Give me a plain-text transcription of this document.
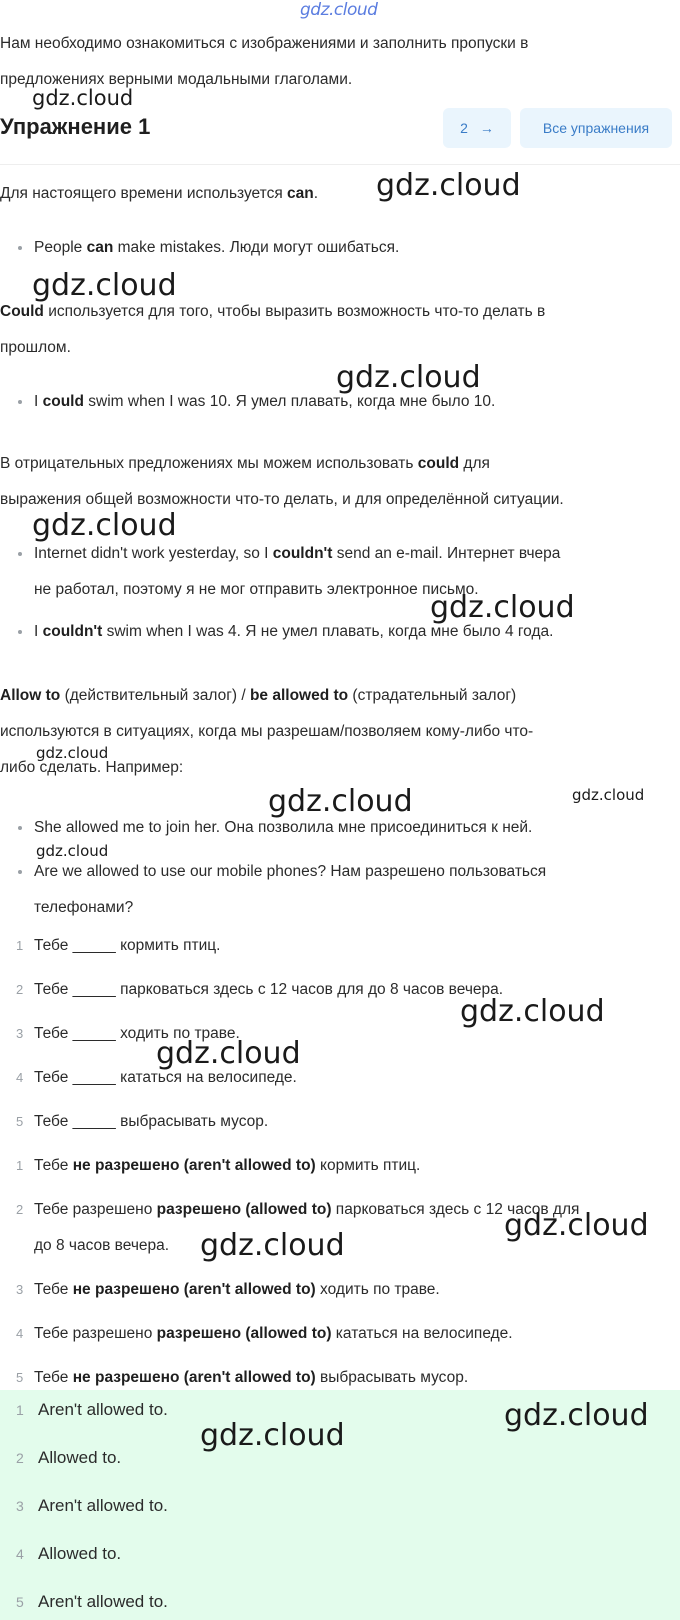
gdz.cloud
Нам необходимо ознакомиться с изображениями и заполнить пропуски в
предложениях верными модальными глаголами.
gdz.cloud
Упражнение 1	2 →	Все упражнения
Для настоящего времени используется can.	gdz.cloud
People can make mistakes. Люди могут ошибаться.
gdz.cloud
Could используется для того, чтобы выразить возможность что-то делать в
прошлом.
gdz.cloud
I could swim when I was 10. Я умел плавать, когда мне было 10.
В отрицательных предложениях мы можем использовать could для
выражения общей возможности что-то делать, и для определённой ситуации.
gdz.cloud
Internet didn't work yesterday, so I couldn't send an e-mail. Интернет вчера
не работал, поэтому я не мог отправить электронное письмо.
gdz.cloud
I couldn't swim when I was 4. Я не умел плавать, когда мне было 4 года.
Allow to (действительный залог) / be allowed to (страдательный залог)
используются в ситуациях, когда мы разрешам/позволяем кому-либо что-
либо сделать. Например:
gdz.cloud
gdz.cloud	gdz.cloud
She allowed me to join her. Она позволила мне присоединиться к ней.
gdz.cloud
Are we allowed to use our mobile phones? Нам разрешено пользоваться
телефонами?
1 Тебе _____ кормить птиц.
2 Тебе _____ парковаться здесь с 12 часов для до 8 часов вечера.
gdz.cloud
3 Тебе _____ ходить по траве.
gdz.cloud
4 Тебе _____ кататься на велосипеде.
5 Тебе _____ выбрасывать мусор.
1 Тебе не разрешено (aren't allowed to) кормить птиц.
2 Тебе разрешено разрешено (allowed to) парковаться здесь с 12 часов для
до 8 часов вечера.
gdz.cloud
gdz.cloud
3 Тебе не разрешено (aren't allowed to) ходить по траве.
4 Тебе разрешено разрешено (allowed to) кататься на велосипеде.
5 Тебе не разрешено (aren't allowed to) выбрасывать мусор.
1 Aren't allowed to.
2 Allowed to.
3 Aren't allowed to.
4 Allowed to.
5 Aren't allowed to.
gdz.cloud
gdz.cloud
